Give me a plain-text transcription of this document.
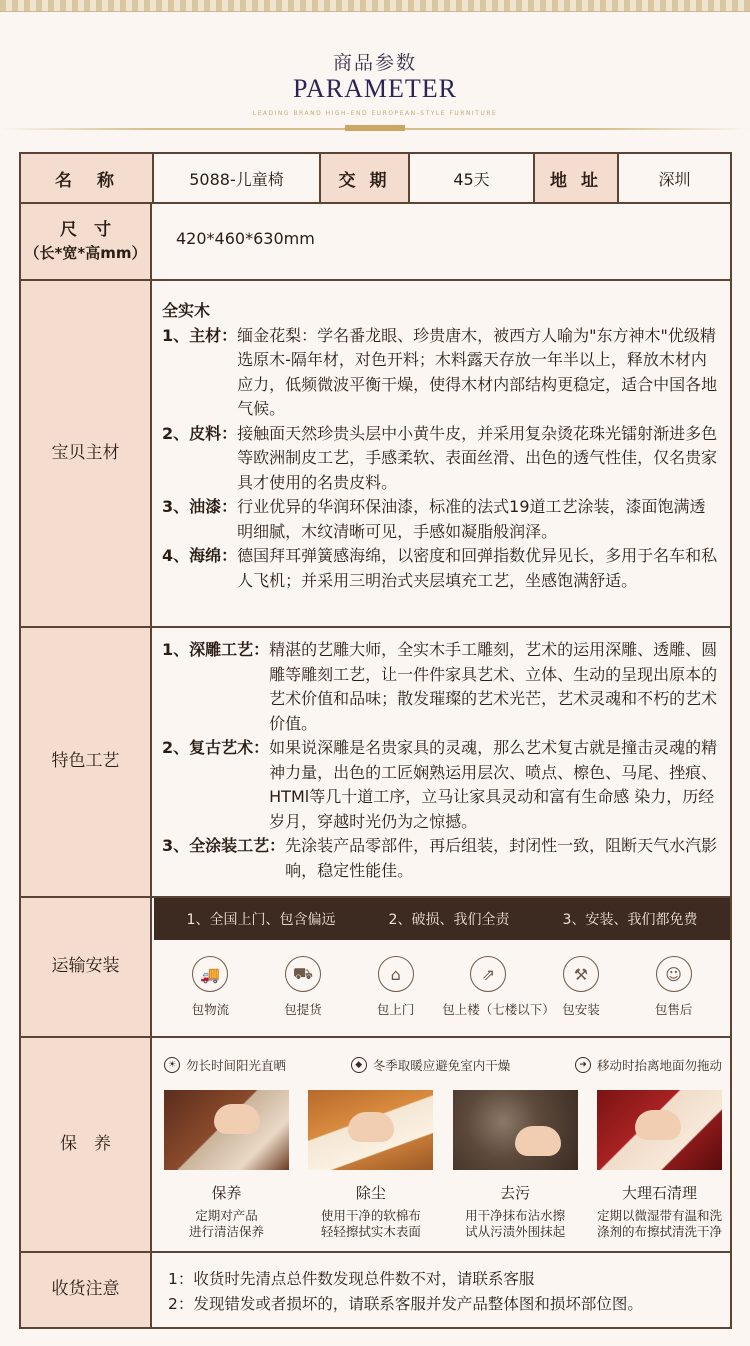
商品参数
PARAMETER
LEADING BRAND HIGH-END EUROPEAN-STYLE FURNITURE
名　称	5088-儿童椅	交 期	45天	地 址	深圳
尺　寸
（长*宽*高mm）
420*460*630mm
宝贝主材
全实木
1、主材： 缅金花梨：学名番龙眼、珍贵唐木，被西方人喻为"东方神木"优级精选原木-隔年材，对色开料；木料露天存放一年半以上，释放木材内应力，低频微波平衡干燥，使得木材内部结构更稳定，适合中国各地气候。
2、皮料： 接触面天然珍贵头层中小黄牛皮，并采用复杂烫花珠光镭射渐进多色等欧洲制皮工艺，手感柔软、表面丝滑、出色的透气性佳，仅名贵家具才使用的名贵皮料。
3、油漆： 行业优异的华润环保油漆，标准的法式19道工艺涂装，漆面饱满透明细腻，木纹清晰可见，手感如凝脂般润泽。
4、海绵： 德国拜耳弹簧感海绵，以密度和回弹指数优异见长，多用于名车和私人飞机；并采用三明治式夹层填充工艺，坐感饱满舒适。
特色工艺
1、深雕工艺： 精湛的艺雕大师，全实木手工雕刻，艺术的运用深雕、透雕、圆雕等雕刻工艺，让一件件家具艺术、立体、生动的呈现出原本的艺术价值和品味；散发璀璨的艺术光芒，艺术灵魂和不朽的艺术价值。
2、复古艺术： 如果说深雕是名贵家具的灵魂，那么艺术复古就是撞击灵魂的精神力量，出色的工匠娴熟运用层次、喷点、檫色、马尾、挫痕、HTMl等几十道工序，立马让家具灵动和富有生命感 染力，历经岁月，穿越时光仍为之惊撼。
3、全涂装工艺： 先涂装产品零部件，再后组装，封闭性一致，阻断天气水汽影响，稳定性能佳。
运输安装
1、全国上门、包含偏远	2、破损、我们全责	3、安装、我们都免费
🚚
包物流
⛟
包提货
⌂
包上门
⇗
包上楼（七楼以下）
⚒
包安装
☺
包售后
保　养
☀ 勿长时间阳光直晒	◆ 冬季取暖应避免室内干燥	➜ 移动时抬离地面勿拖动
保养
定期对产品
进行清洁保养
除尘
使用干净的软棉布
轻轻擦拭实木表面
去污
用干净抹布沾水擦
试从污渍外围抹起
大理石清理
定期以微湿带有温和洗
涤剂的布擦拭清洗干净
收货注意
1：收货时先清点总件数发现总件数不对，请联系客服
2：发现错发或者损坏的，请联系客服并发产品整体图和损坏部位图。
